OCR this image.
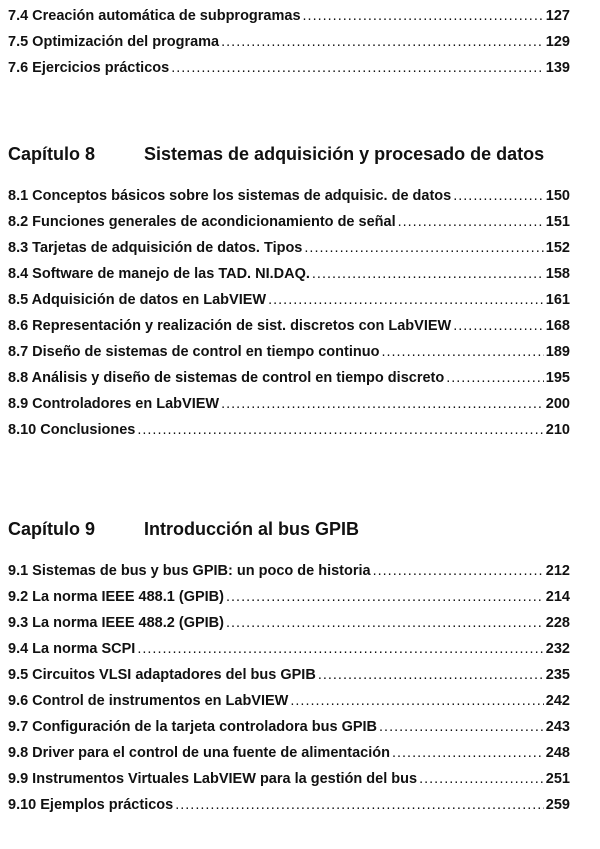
7.4 Creación automática de subprogramas .....	127
7.5 Optimización del programa .....	129
7.6 Ejercicios prácticos .....	139
Capítulo 8	Sistemas de adquisición y procesado de datos
8.1 Conceptos básicos sobre los sistemas de adquisic. de datos .....	150
8.2 Funciones generales de acondicionamiento de señal .....	151
8.3 Tarjetas de adquisición de datos. Tipos .....	152
8.4 Software de manejo de las TAD. NI.DAQ. .....	158
8.5 Adquisición de datos en LabVIEW .....	161
8.6 Representación y realización de sist. discretos con LabVIEW .....	168
8.7 Diseño de sistemas de control en tiempo continuo .....	189
8.8 Análisis y diseño de sistemas de control en tiempo discreto .....	195
8.9 Controladores en LabVIEW .....	200
8.10 Conclusiones .....	210
Capítulo 9	Introducción al bus GPIB
9.1 Sistemas de bus y bus GPIB: un poco de historia .....	212
9.2 La norma IEEE 488.1 (GPIB) .....	214
9.3 La norma IEEE 488.2 (GPIB) .....	228
9.4 La norma SCPI .....	232
9.5 Circuitos VLSI adaptadores del bus GPIB .....	235
9.6 Control de instrumentos en LabVIEW .....	242
9.7 Configuración de la tarjeta controladora bus GPIB .....	243
9.8 Driver para el control de una fuente de alimentación .....	248
9.9 Instrumentos Virtuales LabVIEW para la gestión del bus .....	251
9.10 Ejemplos prácticos .....	259
